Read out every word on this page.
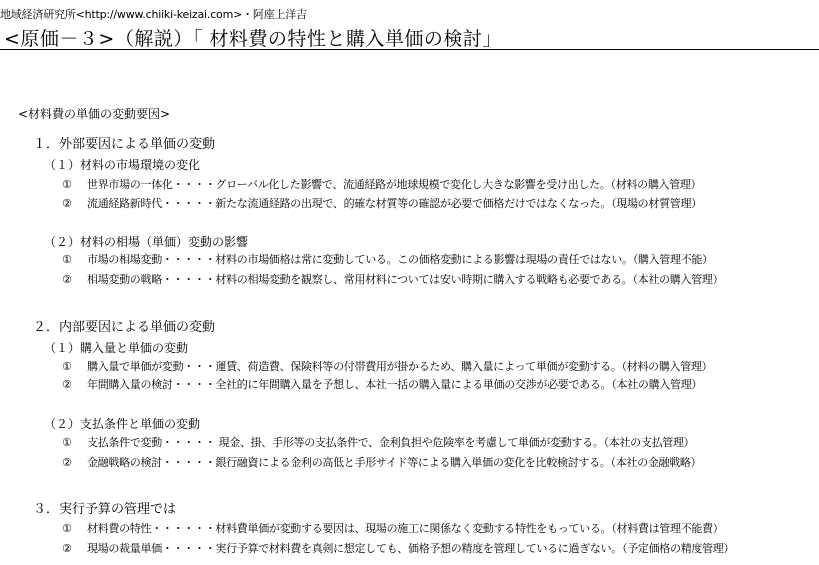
地域経済研究所<http://www.chiiki-keizai.com>・阿座上洋吉
<原価－３>（解説）「 材料費の特性と購入単価の検討」
<材料費の単価の変動要因>
１．外部要因による単価の変動
（１）材料の市場環境の変化
① 世界市場の一体化・・・・グローバル化した影響で、流通経路が地球規模で変化し大きな影響を受け出した。（材料の購入管理）
② 流通経路新時代・・・・・新たな流通経路の出現で、的確な材質等の確認が必要で価格だけではなくなった。（現場の材質管理）
（２）材料の相場（単価）変動の影響
① 市場の相場変動・・・・・材料の市場価格は常に変動している。この価格変動による影響は現場の責任ではない。（購入管理不能）
② 相場変動の戦略・・・・・材料の相場変動を観察し、常用材料については安い時期に購入する戦略も必要である。（本社の購入管理）
２．内部要因による単価の変動
（１）購入量と単価の変動
① 購入量で単価が変動・・・運賃、荷造費、保険料等の付帯費用が掛かるため、購入量によって単価が変動する。（材料の購入管理）
② 年間購入量の検討・・・・全社的に年間購入量を予想し、本社一括の購入量による単価の交渉が必要である。（本社の購入管理）
（２）支払条件と単価の変動
① 支払条件で変動・・・・・ 現金、掛、手形等の支払条件で、金利負担や危険率を考慮して単価が変動する。（本社の支払管理）
② 金融戦略の検討・・・・・銀行融資による金利の高低と手形サイド等による購入単価の変化を比較検討する。（本社の金融戦略）
３．実行予算の管理では
① 材料費の特性・・・・・・材料費単価が変動する要因は、現場の施工に関係なく変動する特性をもっている。（材料費は管理不能費）
② 現場の裁量単価・・・・・実行予算で材料費を真剣に想定しても、価格予想の精度を管理しているに過ぎない。（予定価格の精度管理）
